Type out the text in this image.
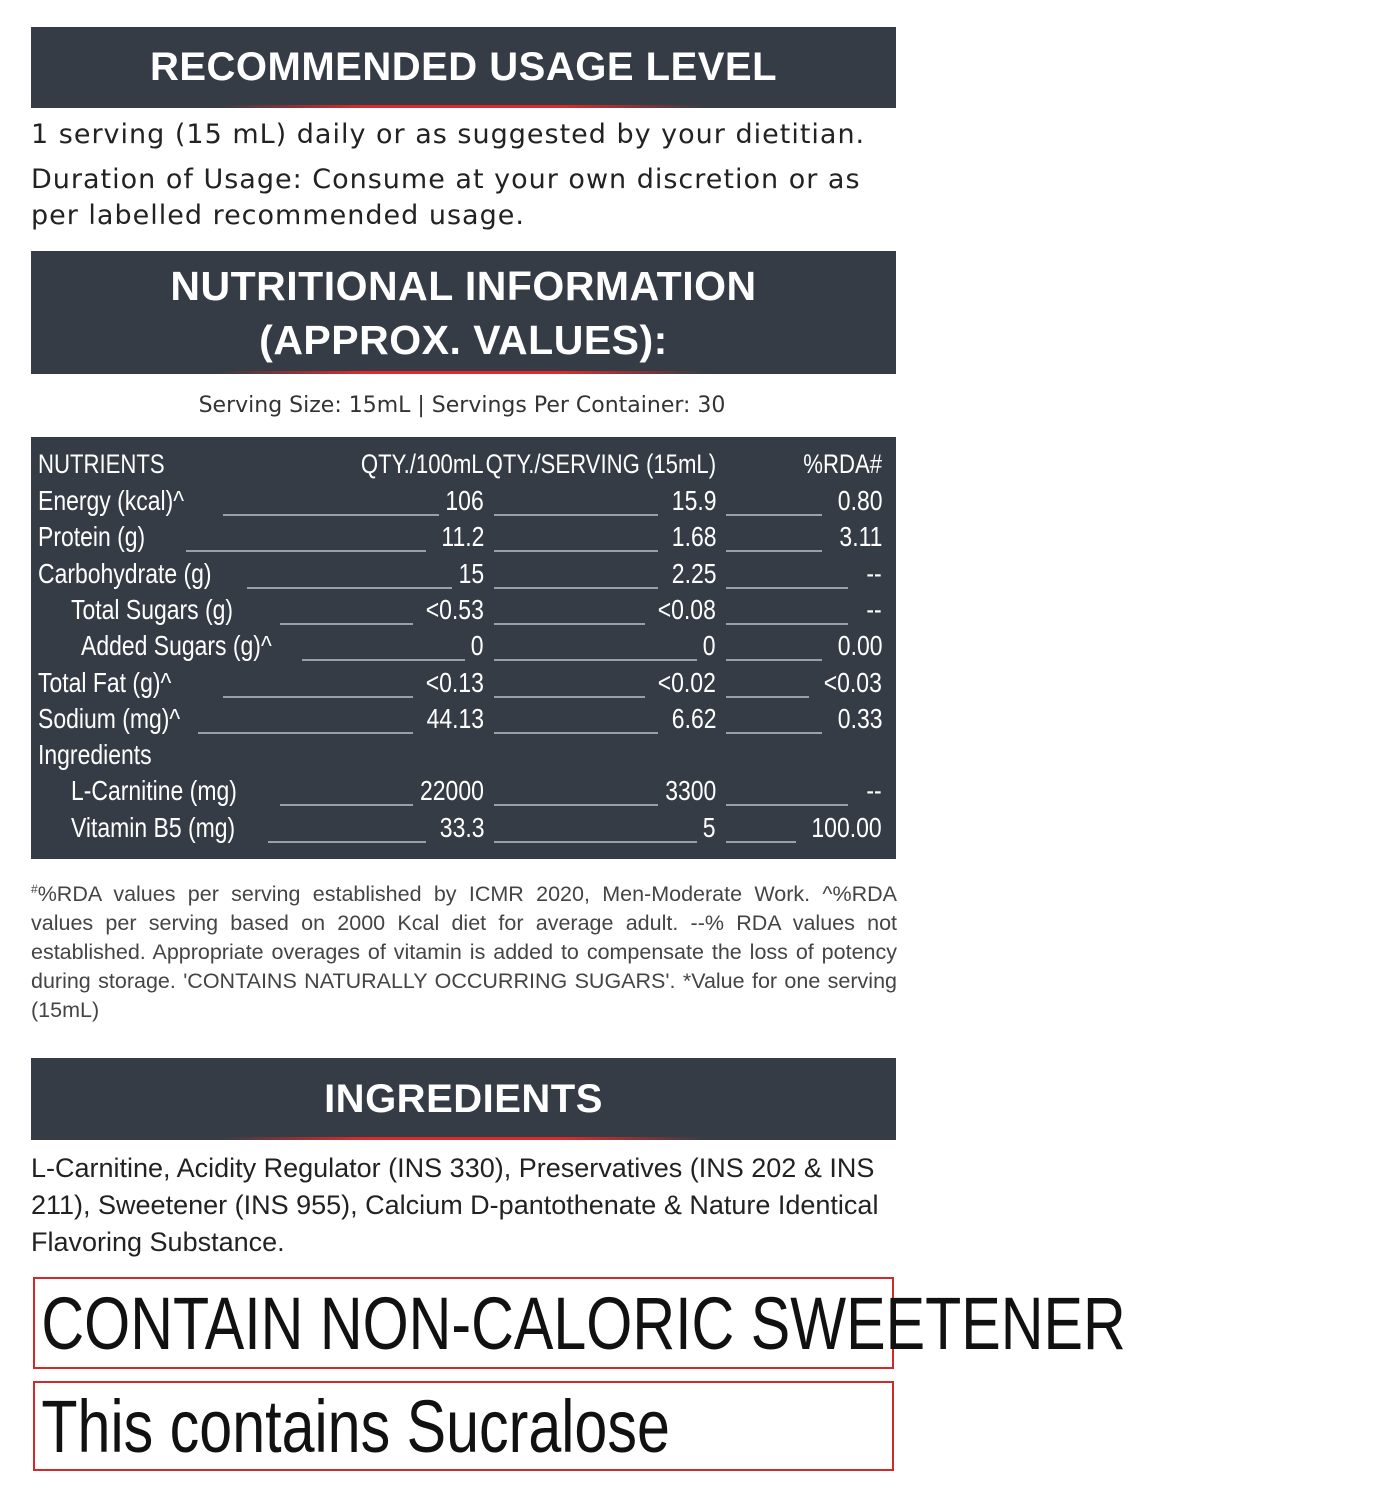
RECOMMENDED USAGE LEVEL
1 serving (15 mL) daily or as suggested by your dietitian.
Duration of Usage: Consume at your own discretion or as per labelled recommended usage.
NUTRITIONAL INFORMATION
(APPROX. VALUES):
Serving Size: 15mL | Servings Per Container: 30
NUTRIENTS	QTY./100mL QTY./SERVING (15mL)	%RDA#
Energy (kcal)^	106	15.9	0.80
Protein (g)	11.2	1.68	3.11
Carbohydrate (g)	15	2.25	--
Total Sugars (g)	<0.53	<0.08	--
Added Sugars (g)^	0	0	0.00
Total Fat (g)^	<0.13	<0.02	<0.03
Sodium (mg)^	44.13	6.62	0.33
Ingredients
L-Carnitine (mg)	22000	3300	--
Vitamin B5 (mg)	33.3	5	100.00
#%RDA values per serving established by ICMR 2020, Men-Moderate Work. ^%RDA values per serving based on 2000 Kcal diet for average adult. --% RDA values not established. Appropriate overages of vitamin is added to compensate the loss of potency during storage. 'CONTAINS NATURALLY OCCURRING SUGARS'. *Value for one serving (15mL)
INGREDIENTS
L-Carnitine, Acidity Regulator (INS 330), Preservatives (INS 202 & INS 211), Sweetener (INS 955), Calcium D-pantothenate & Nature Identical Flavoring Substance.
CONTAIN NON-CALORIC SWEETENER
This contains Sucralose
